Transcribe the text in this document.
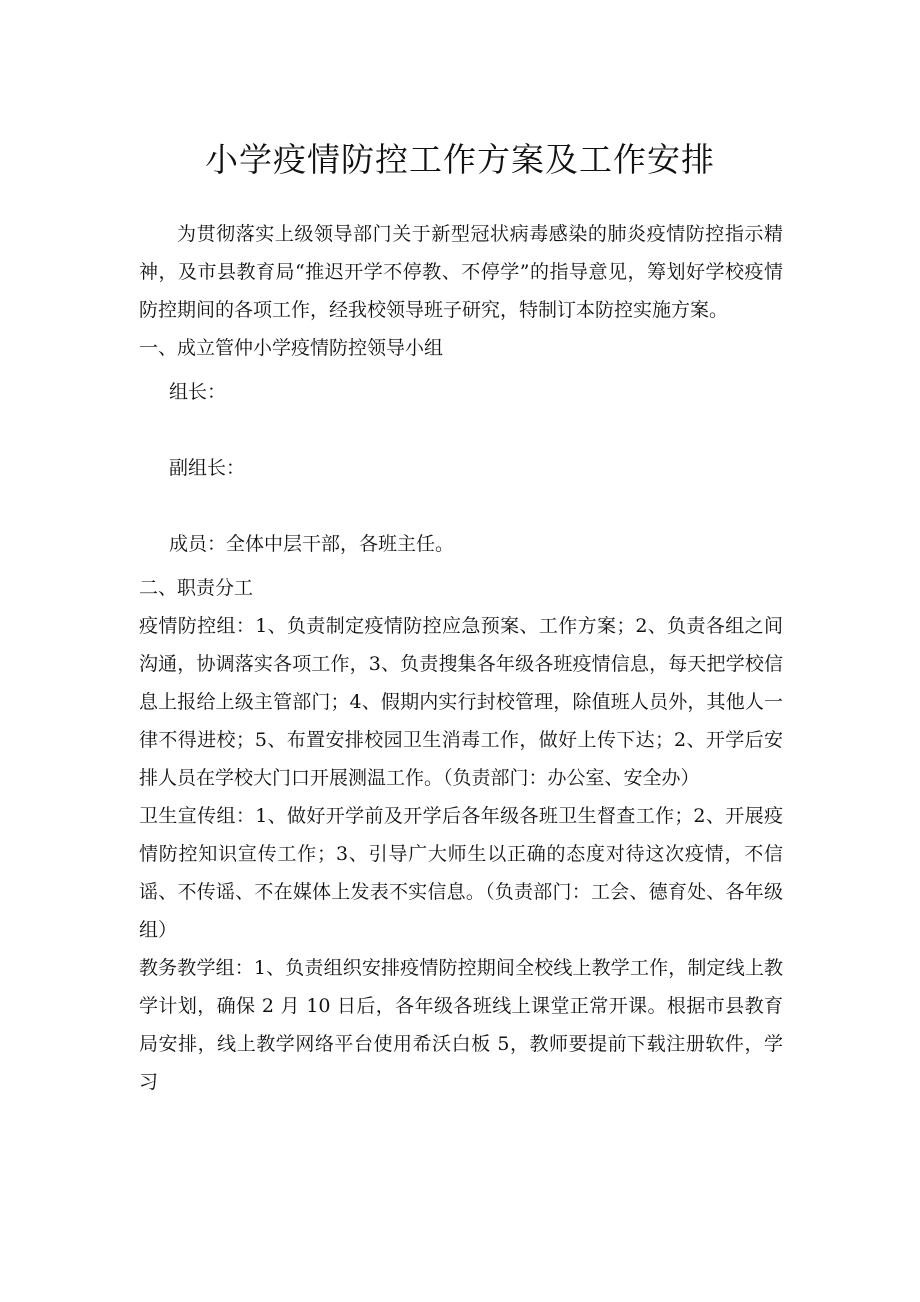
小学疫情防控工作方案及工作安排

为贯彻落实上级领导部门关于新型冠状病毒感染的肺炎疫情防控指示精神，及市县教育局“推迟开学不停教、不停学”的指导意见，筹划好学校疫情防控期间的各项工作，经我校领导班子研究，特制订本防控实施方案。

一、成立管仲小学疫情防控领导小组

组长：

副组长：

成员：全体中层干部，各班主任。

二、职责分工

疫情防控组：1、负责制定疫情防控应急预案、工作方案；2、负责各组之间沟通，协调落实各项工作，3、负责搜集各年级各班疫情信息，每天把学校信息上报给上级主管部门；4、假期内实行封校管理，除值班人员外，其他人一律不得进校；5、布置安排校园卫生消毒工作，做好上传下达；2、开学后安排人员在学校大门口开展测温工作。（负责部门：办公室、安全办）

卫生宣传组：1、做好开学前及开学后各年级各班卫生督查工作；2、开展疫情防控知识宣传工作；3、引导广大师生以正确的态度对待这次疫情，不信谣、不传谣、不在媒体上发表不实信息。（负责部门：工会、德育处、各年级组）

教务教学组：1、负责组织安排疫情防控期间全校线上教学工作，制定线上教学计划，确保 2 月 10 日后，各年级各班线上课堂正常开课。根据市县教育局安排，线上教学网络平台使用希沃白板 5，教师要提前下载注册软件，学习
